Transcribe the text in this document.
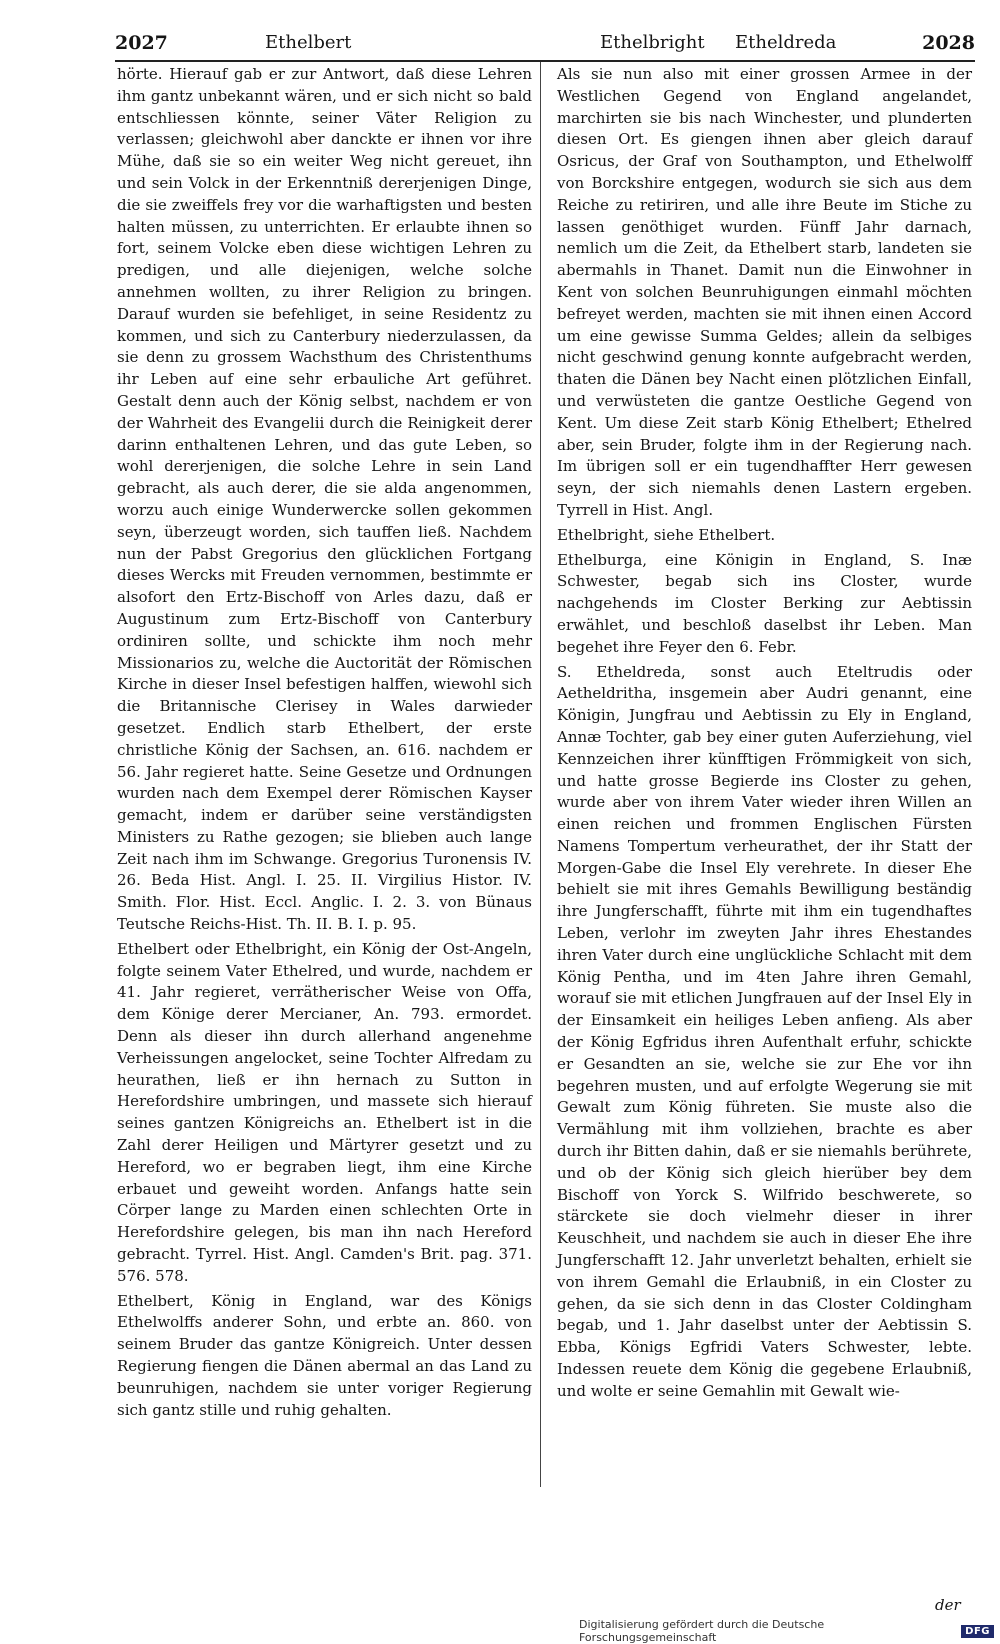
2027	Ethelbert	Ethelbright Etheldreda	2028

hörte. Hierauf gab er zur Antwort, daß diese Lehren ihm gantz unbekannt wären, und er sich nicht so bald entschliessen könnte, seiner Väter Religion zu verlassen; gleichwohl aber danckte er ihnen vor ihre Mühe, daß sie so ein weiter Weg nicht gereuet, ihn und sein Volck in der Erkenntniß dererjenigen Dinge, die sie zweiffels frey vor die warhaftigsten und besten halten müssen, zu unterrichten. Er erlaubte ihnen so fort, seinem Volcke eben diese wichtigen Lehren zu predigen, und alle diejenigen, welche solche annehmen wollten, zu ihrer Religion zu bringen. Darauf wurden sie befehliget, in seine Residentz zu kommen, und sich zu Canterbury niederzulassen, da sie denn zu grossem Wachsthum des Christenthums ihr Leben auf eine sehr erbauliche Art geführet. Gestalt denn auch der König selbst, nachdem er von der Wahrheit des Evangelii durch die Reinigkeit derer darinn enthaltenen Lehren, und das gute Leben, so wohl dererjenigen, die solche Lehre in sein Land gebracht, als auch derer, die sie alda angenommen, worzu auch einige Wunderwercke sollen gekommen seyn, überzeugt worden, sich tauffen ließ. Nachdem nun der Pabst Gregorius den glücklichen Fortgang dieses Wercks mit Freuden vernommen, bestimmte er alsofort den Ertz-Bischoff von Arles dazu, daß er Augustinum zum Ertz-Bischoff von Canterbury ordiniren sollte, und schickte ihm noch mehr Missionarios zu, welche die Auctorität der Römischen Kirche in dieser Insel befestigen halffen, wiewohl sich die Britannische Clerisey in Wales darwieder gesetzet. Endlich starb Ethelbert, der erste christliche König der Sachsen, an. 616. nachdem er 56. Jahr regieret hatte. Seine Gesetze und Ordnungen wurden nach dem Exempel derer Römischen Kayser gemacht, indem er darüber seine verständigsten Ministers zu Rathe gezogen; sie blieben auch lange Zeit nach ihm im Schwange. Gregorius Turonensis IV. 26. Beda Hist. Angl. I. 25. II. Virgilius Histor. IV. Smith. Flor. Hist. Eccl. Anglic. I. 2. 3. von Bünaus Teutsche Reichs-Hist. Th. II. B. I. p. 95.

Ethelbert oder Ethelbright, ein König der Ost-Angeln, folgte seinem Vater Ethelred, und wurde, nachdem er 41. Jahr regieret, verrätherischer Weise von Offa, dem Könige derer Mercianer, An. 793. ermordet. Denn als dieser ihn durch allerhand angenehme Verheissungen angelocket, seine Tochter Alfredam zu heurathen, ließ er ihn hernach zu Sutton in Herefordshire umbringen, und massete sich hierauf seines gantzen Königreichs an. Ethelbert ist in die Zahl derer Heiligen und Märtyrer gesetzt und zu Hereford, wo er begraben liegt, ihm eine Kirche erbauet und geweiht worden. Anfangs hatte sein Cörper lange zu Marden einen schlechten Orte in Herefordshire gelegen, bis man ihn nach Hereford gebracht. Tyrrel. Hist. Angl. Camden's Brit. pag. 371. 576. 578.

Ethelbert, König in England, war des Königs Ethelwolffs anderer Sohn, und erbte an. 860. von seinem Bruder das gantze Königreich. Unter dessen Regierung fiengen die Dänen abermal an das Land zu beunruhigen, nachdem sie unter voriger Regierung sich gantz stille und ruhig gehalten.

Als sie nun also mit einer grossen Armee in der Westlichen Gegend von England angelandet, marchirten sie bis nach Winchester, und plunderten diesen Ort. Es giengen ihnen aber gleich darauf Osricus, der Graf von Southampton, und Ethelwolff von Borckshire entgegen, wodurch sie sich aus dem Reiche zu retiriren, und alle ihre Beute im Stiche zu lassen genöthiget wurden. Fünff Jahr darnach, nemlich um die Zeit, da Ethelbert starb, landeten sie abermahls in Thanet. Damit nun die Einwohner in Kent von solchen Beunruhigungen einmahl möchten befreyet werden, machten sie mit ihnen einen Accord um eine gewisse Summa Geldes; allein da selbiges nicht geschwind genung konnte aufgebracht werden, thaten die Dänen bey Nacht einen plötzlichen Einfall, und verwüsteten die gantze Oestliche Gegend von Kent. Um diese Zeit starb König Ethelbert; Ethelred aber, sein Bruder, folgte ihm in der Regierung nach. Im übrigen soll er ein tugendhaffter Herr gewesen seyn, der sich niemahls denen Lastern ergeben. Tyrrell in Hist. Angl.

Ethelbright, siehe Ethelbert.

Ethelburga, eine Königin in England, S. Inæ Schwester, begab sich ins Closter, wurde nachgehends im Closter Berking zur Aebtissin erwählet, und beschloß daselbst ihr Leben. Man begehet ihre Feyer den 6. Febr.

S. Etheldreda, sonst auch Eteltrudis oder Aetheldritha, insgemein aber Audri genannt, eine Königin, Jungfrau und Aebtissin zu Ely in England, Annæ Tochter, gab bey einer guten Auferziehung, viel Kennzeichen ihrer künfftigen Frömmigkeit von sich, und hatte grosse Begierde ins Closter zu gehen, wurde aber von ihrem Vater wieder ihren Willen an einen reichen und frommen Englischen Fürsten Namens Tompertum verheurathet, der ihr Statt der Morgen-Gabe die Insel Ely verehrete. In dieser Ehe behielt sie mit ihres Gemahls Bewilligung beständig ihre Jungferschafft, führte mit ihm ein tugendhaftes Leben, verlohr im zweyten Jahr ihres Ehestandes ihren Vater durch eine unglückliche Schlacht mit dem König Pentha, und im 4ten Jahre ihren Gemahl, worauf sie mit etlichen Jungfrauen auf der Insel Ely in der Einsamkeit ein heiliges Leben anfieng. Als aber der König Egfridus ihren Aufenthalt erfuhr, schickte er Gesandten an sie, welche sie zur Ehe vor ihn begehren musten, und auf erfolgte Wegerung sie mit Gewalt zum König führeten. Sie muste also die Vermählung mit ihm vollziehen, brachte es aber durch ihr Bitten dahin, daß er sie niemahls berührete, und ob der König sich gleich hierüber bey dem Bischoff von Yorck S. Wilfrido beschwerete, so stärckete sie doch vielmehr dieser in ihrer Keuschheit, und nachdem sie auch in dieser Ehe ihre Jungferschafft 12. Jahr unverletzt behalten, erhielt sie von ihrem Gemahl die Erlaubniß, in ein Closter zu gehen, da sie sich denn in das Closter Coldingham begab, und 1. Jahr daselbst unter der Aebtissin S. Ebba, Königs Egfridi Vaters Schwester, lebte. Indessen reuete dem König die gegebene Erlaubniß, und wolte er seine Gemahlin mit Gewalt wie-

der
Digitalisierung gefördert durch die Deutsche Forschungsgemeinschaft	DFG
